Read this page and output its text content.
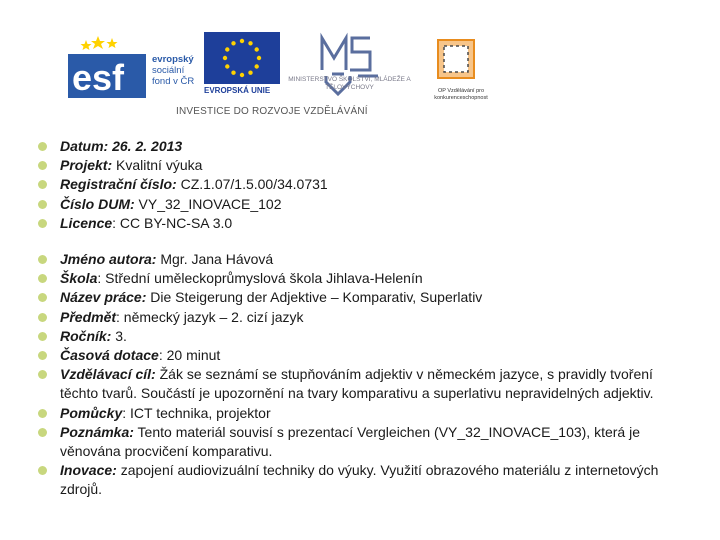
esf	evropský
sociální
fond v ČR
EVROPSKÁ UNIE
MINISTERSTVO ŠKOLSTVÍ, MLÁDEŽE A TĚLOVÝCHOVY	OP Vzdělávání pro konkurenceschopnost
INVESTICE DO ROZVOJE VZDĚLÁVÁNÍ
Datum: 26. 2. 2013
Projekt: Kvalitní výuka
Registrační číslo: CZ.1.07/1.5.00/34.0731
Číslo DUM: VY_32_INOVACE_102
Licence: CC BY-NC-SA 3.0
Jméno autora: Mgr. Jana Hávová
Škola: Střední uměleckoprůmyslová škola Jihlava-Helenín
Název práce: Die Steigerung der Adjektive – Komparativ, Superlativ
Předmět: německý jazyk – 2. cizí jazyk
Ročník: 3.
Časová dotace: 20 minut
Vzdělávací cíl: Žák se seznámí se stupňováním adjektiv v německém jazyce, s pravidly tvoření těchto tvarů. Součástí je upozornění na tvary komparativu a superlativu nepravidelných adjektiv.
Pomůcky: ICT technika, projektor
Poznámka: Tento materiál souvisí s prezentací Vergleichen (VY_32_INOVACE_103), která je věnována procvičení komparativu.
Inovace: zapojení audiovizuální techniky do výuky. Využití obrazového materiálu z internetových zdrojů.
